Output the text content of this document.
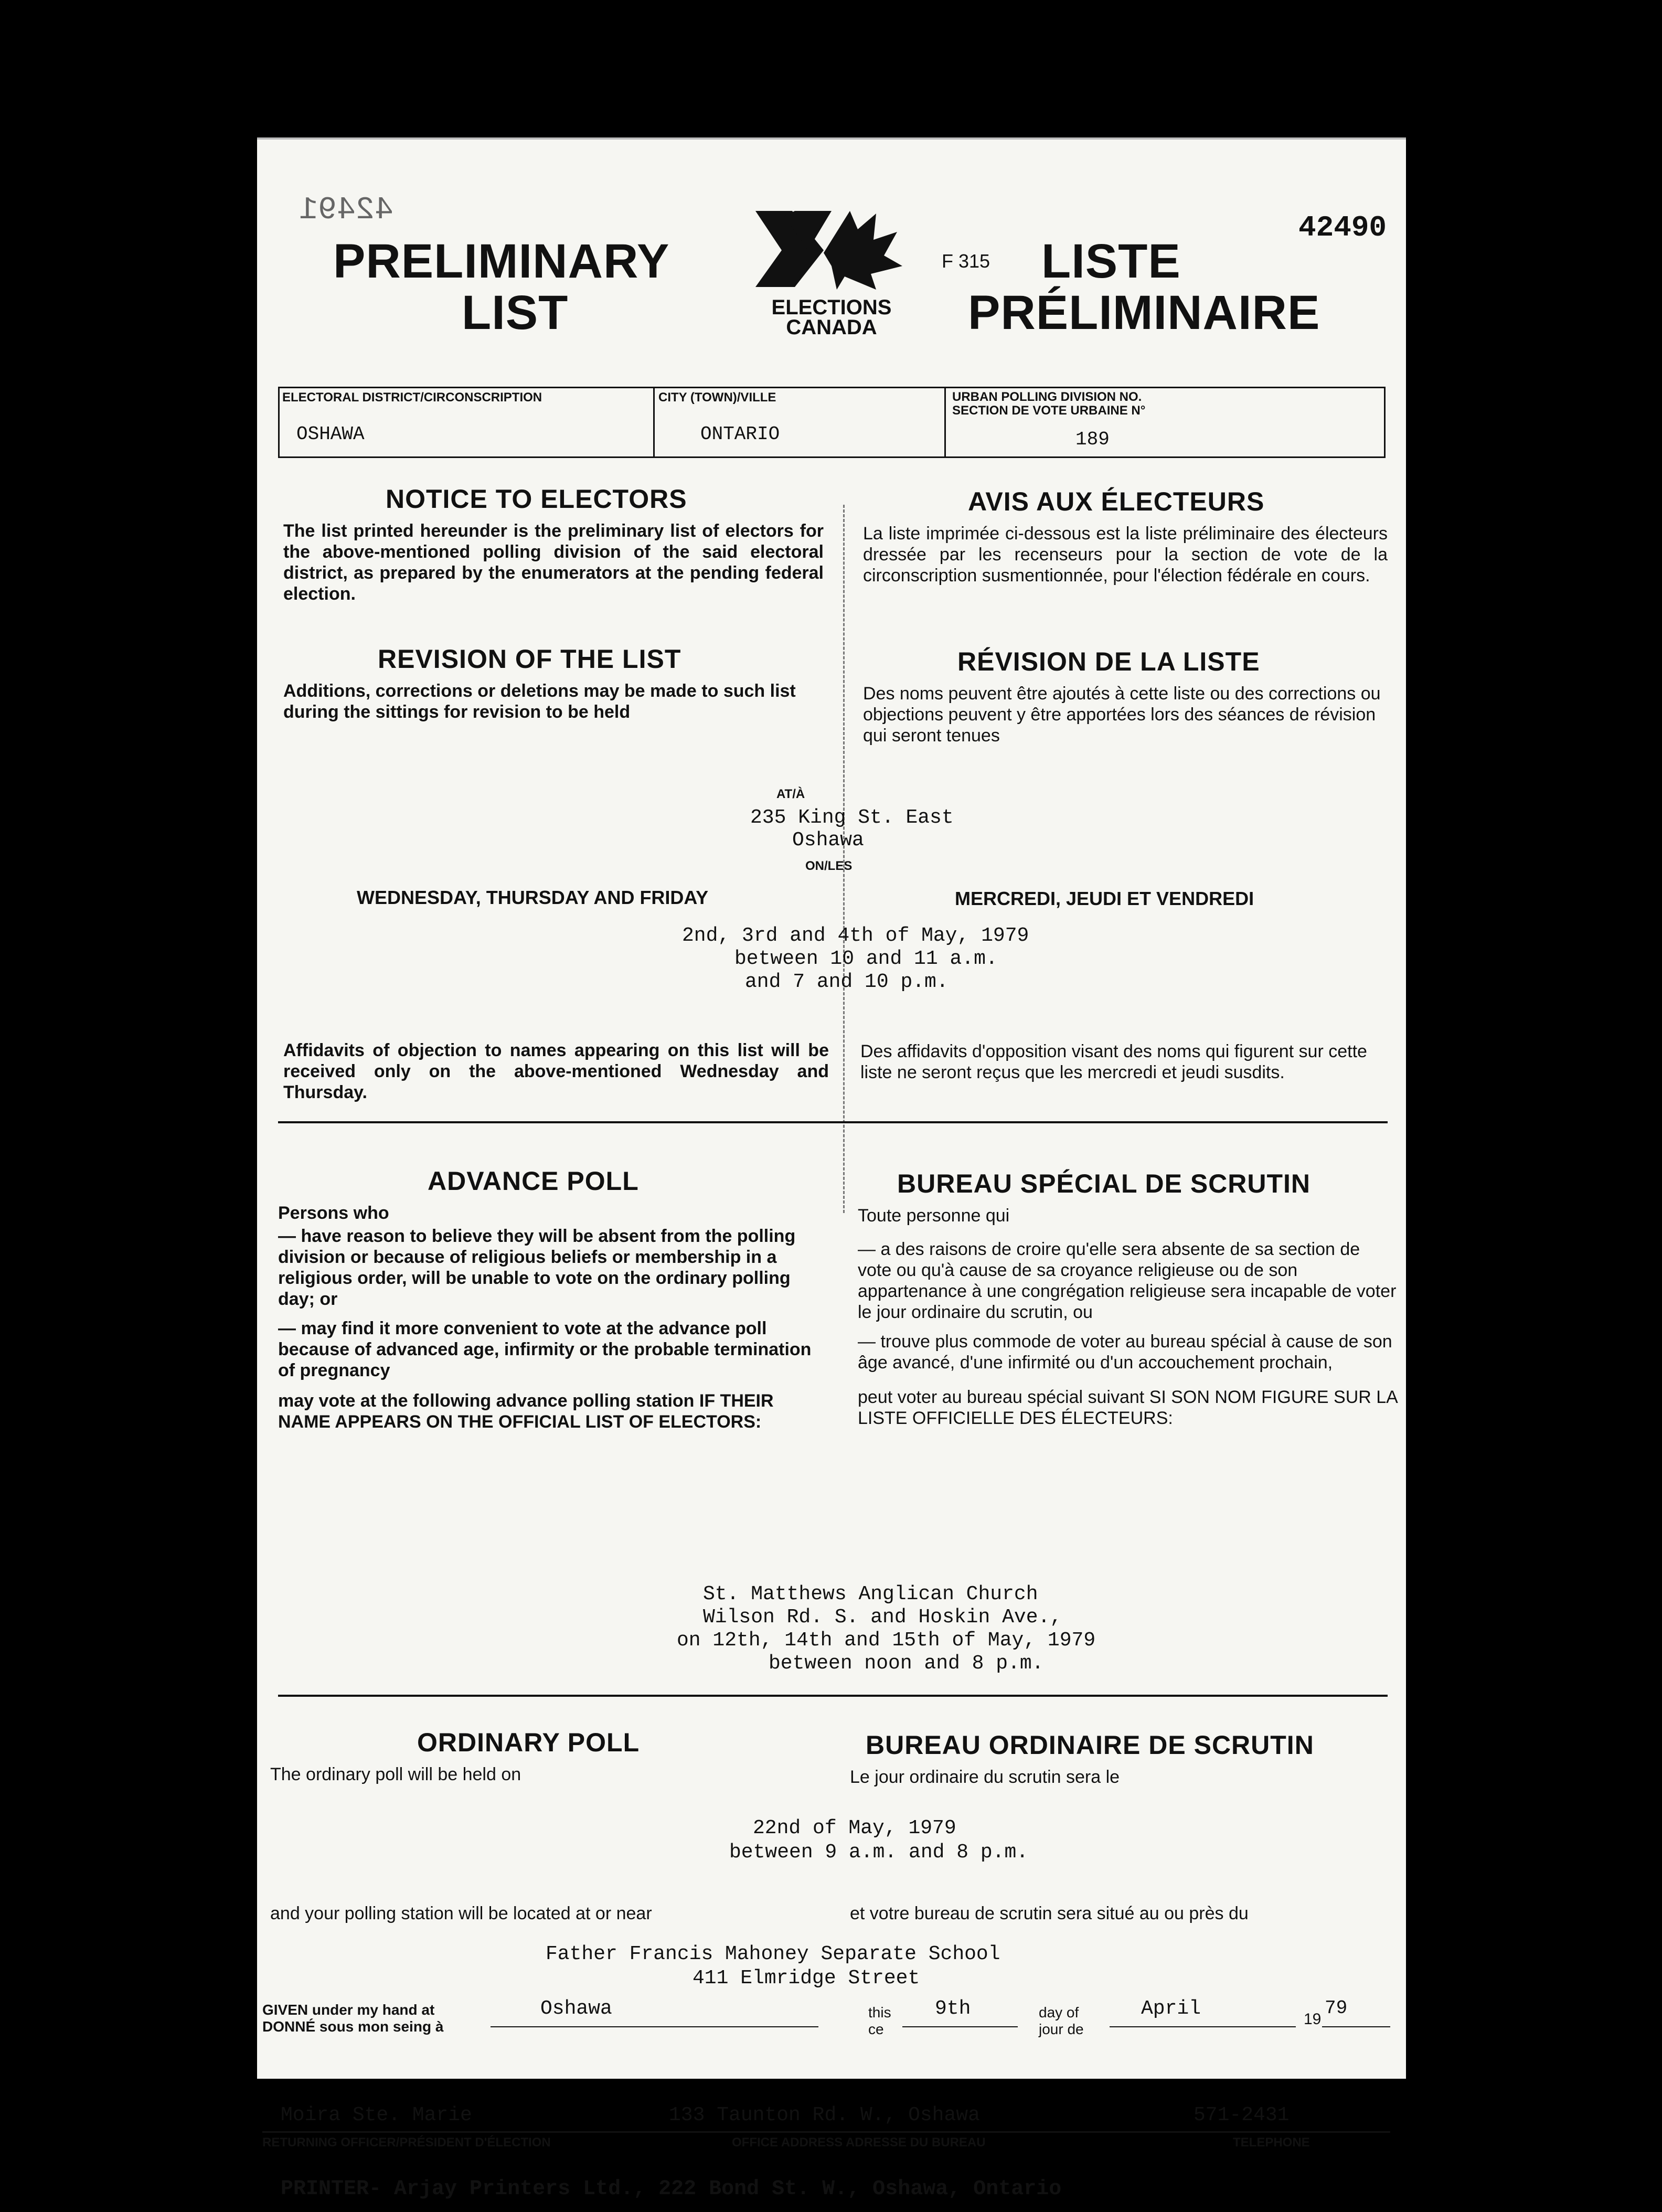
42491	42490
PRELIMINARY
LIST	ELECTIONS
CANADA
F 315 LISTE
PRÉLIMINAIRE
ELECTORAL DISTRICT/CIRCONSCRIPTION
OSHAWA
CITY (TOWN)/VILLE
ONTARIO
URBAN POLLING DIVISION NO.
SECTION DE VOTE URBAINE N°
189
NOTICE TO ELECTORS
The list printed hereunder is the preliminary list of electors for the above-mentioned polling division of the said electoral district, as prepared by the enumerators at the pending federal election.
AVIS AUX ÉLECTEURS
La liste imprimée ci-dessous est la liste préliminaire des électeurs dressée par les recenseurs pour la section de vote de la circonscription susmentionnée, pour l'élection fédérale en cours.
REVISION OF THE LIST
Additions, corrections or deletions may be made to such list during the sittings for revision to be held
RÉVISION DE LA LISTE
Des noms peuvent être ajoutés à cette liste ou des corrections ou objections peuvent y être apportées lors des séances de révision qui seront tenues
AT/À
235 King St. East
Oshawa
ON/LES
WEDNESDAY, THURSDAY AND FRIDAY	MERCREDI, JEUDI ET VENDREDI
2nd, 3rd and 4th of May, 1979
between 10 and 11 a.m.
and 7 and 10 p.m.
Affidavits of objection to names appearing on this list will be received only on the above-mentioned Wednesday and Thursday.
Des affidavits d'opposition visant des noms qui figurent sur cette liste ne seront reçus que les mercredi et jeudi susdits.
ADVANCE POLL	BUREAU SPÉCIAL DE SCRUTIN
Persons who
— have reason to believe they will be absent from the polling division or because of religious beliefs or membership in a religious order, will be unable to vote on the ordinary polling day; or
— may find it more convenient to vote at the advance poll because of advanced age, infirmity or the probable termination of pregnancy
may vote at the following advance polling station IF THEIR NAME APPEARS ON THE OFFICIAL LIST OF ELECTORS:
Toute personne qui
— a des raisons de croire qu'elle sera absente de sa section de vote ou qu'à cause de sa croyance religieuse ou de son appartenance à une congrégation religieuse sera incapable de voter le jour ordinaire du scrutin, ou
— trouve plus commode de voter au bureau spécial à cause de son âge avancé, d'une infirmité ou d'un accouchement prochain,
peut voter au bureau spécial suivant SI SON NOM FIGURE SUR LA LISTE OFFICIELLE DES ÉLECTEURS:
St. Matthews Anglican Church
Wilson Rd. S. and Hoskin Ave.,
on 12th, 14th and 15th of May, 1979
between noon and 8 p.m.
ORDINARY POLL	BUREAU ORDINAIRE DE SCRUTIN
The ordinary poll will be held on	Le jour ordinaire du scrutin sera le
22nd of May, 1979
between 9 a.m. and 8 p.m.
and your polling station will be located at or near	et votre bureau de scrutin sera situé au ou près du
Father Francis Mahoney Separate School
411 Elmridge Street
GIVEN under my hand at
DONNÉ sous mon seing à
Oshawa	this
ce
9th	day of
jour de
April	19
79
Moira Ste. Marie	133 Taunton Rd. W., Oshawa	571-2431
RETURNING OFFICER/PRÉSIDENT D'ÉLECTION	OFFICE ADDRESS ADRESSE DU BUREAU	TELEPHONE
PRINTER- Arjay Printers Ltd., 222 Bond St. W., Oshawa, Ontario
